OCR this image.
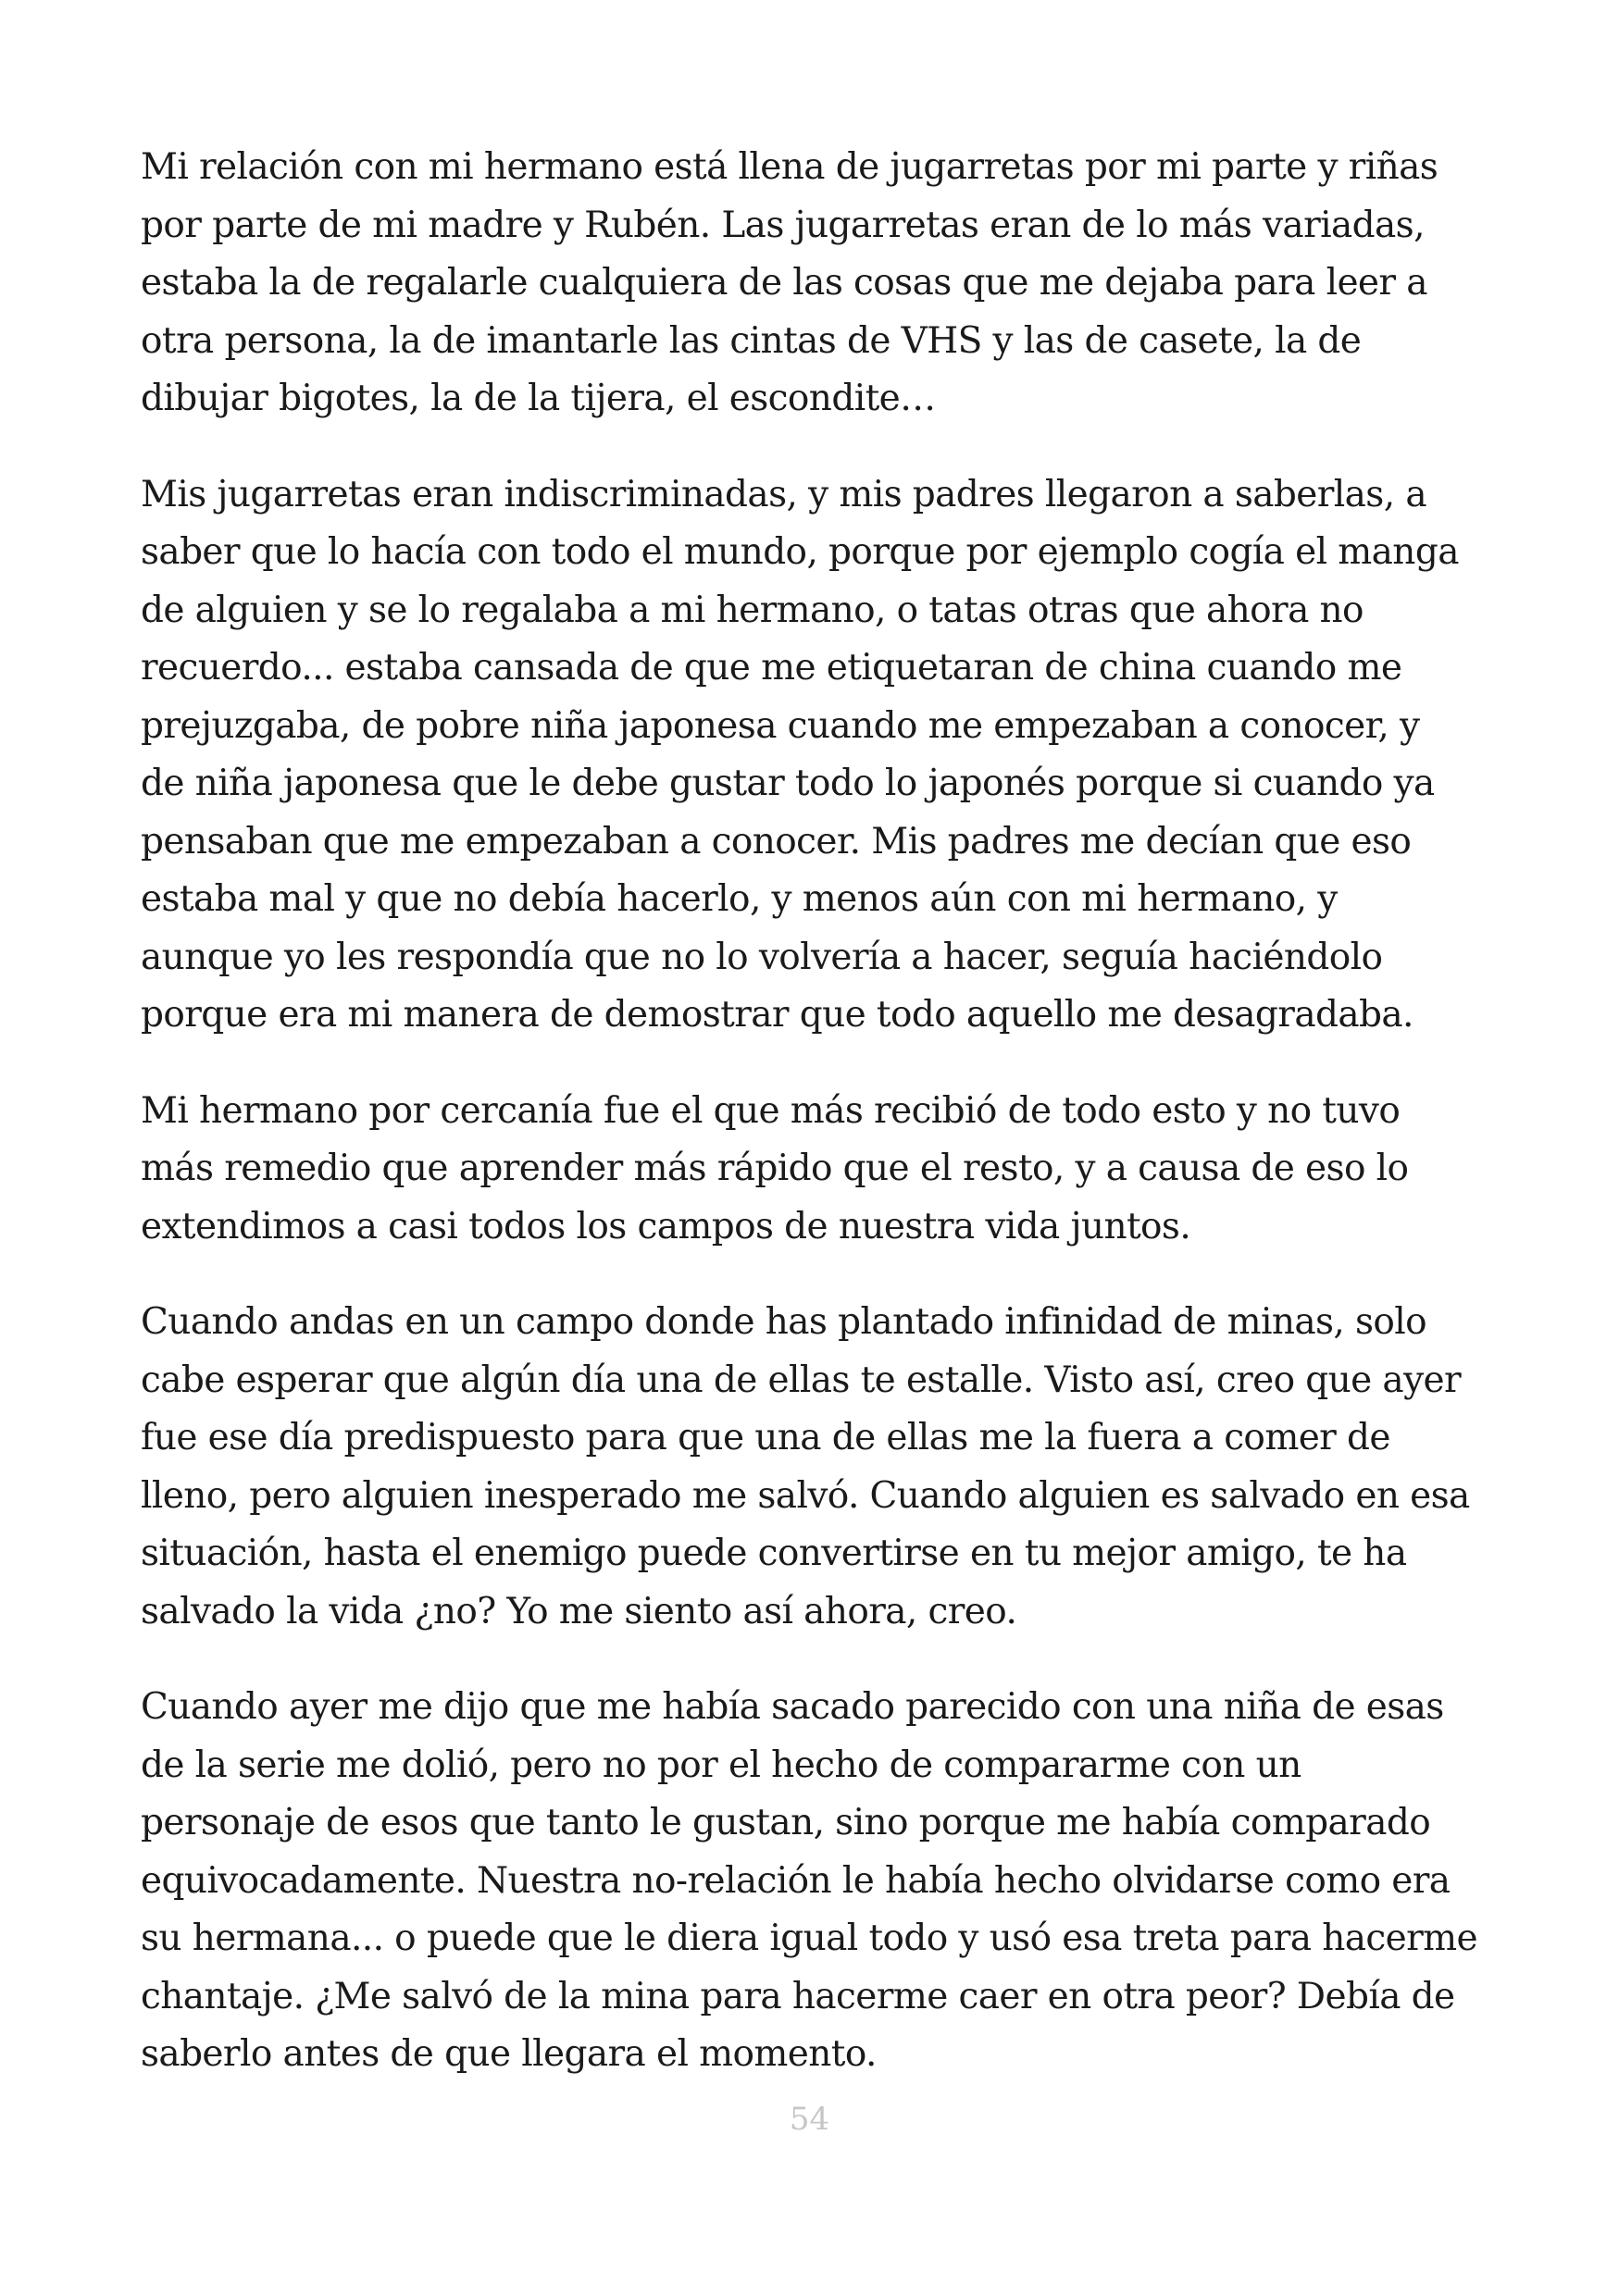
Mi relación con mi hermano está llena de jugarretas por mi parte y riñas
por parte de mi madre y Rubén. Las jugarretas eran de lo más variadas,
estaba la de regalarle cualquiera de las cosas que me dejaba para leer a
otra persona, la de imantarle las cintas de VHS y las de casete, la de
dibujar bigotes, la de la tijera, el escondite…

Mis jugarretas eran indiscriminadas, y mis padres llegaron a saberlas, a
saber que lo hacía con todo el mundo, porque por ejemplo cogía el manga
de alguien y se lo regalaba a mi hermano, o tatas otras que ahora no
recuerdo... estaba cansada de que me etiquetaran de china cuando me
prejuzgaba, de pobre niña japonesa cuando me empezaban a conocer, y
de niña japonesa que le debe gustar todo lo japonés porque si cuando ya
pensaban que me empezaban a conocer. Mis padres me decían que eso
estaba mal y que no debía hacerlo, y menos aún con mi hermano, y
aunque yo les respondía que no lo volvería a hacer, seguía haciéndolo
porque era mi manera de demostrar que todo aquello me desagradaba.

Mi hermano por cercanía fue el que más recibió de todo esto y no tuvo
más remedio que aprender más rápido que el resto, y a causa de eso lo
extendimos a casi todos los campos de nuestra vida juntos.

Cuando andas en un campo donde has plantado infinidad de minas, solo
cabe esperar que algún día una de ellas te estalle. Visto así, creo que ayer
fue ese día predispuesto para que una de ellas me la fuera a comer de
lleno, pero alguien inesperado me salvó. Cuando alguien es salvado en esa
situación, hasta el enemigo puede convertirse en tu mejor amigo, te ha
salvado la vida ¿no? Yo me siento así ahora, creo.

Cuando ayer me dijo que me había sacado parecido con una niña de esas
de la serie me dolió, pero no por el hecho de compararme con un
personaje de esos que tanto le gustan, sino porque me había comparado
equivocadamente. Nuestra no-relación le había hecho olvidarse como era
su hermana... o puede que le diera igual todo y usó esa treta para hacerme
chantaje. ¿Me salvó de la mina para hacerme caer en otra peor? Debía de
saberlo antes de que llegara el momento.

54
